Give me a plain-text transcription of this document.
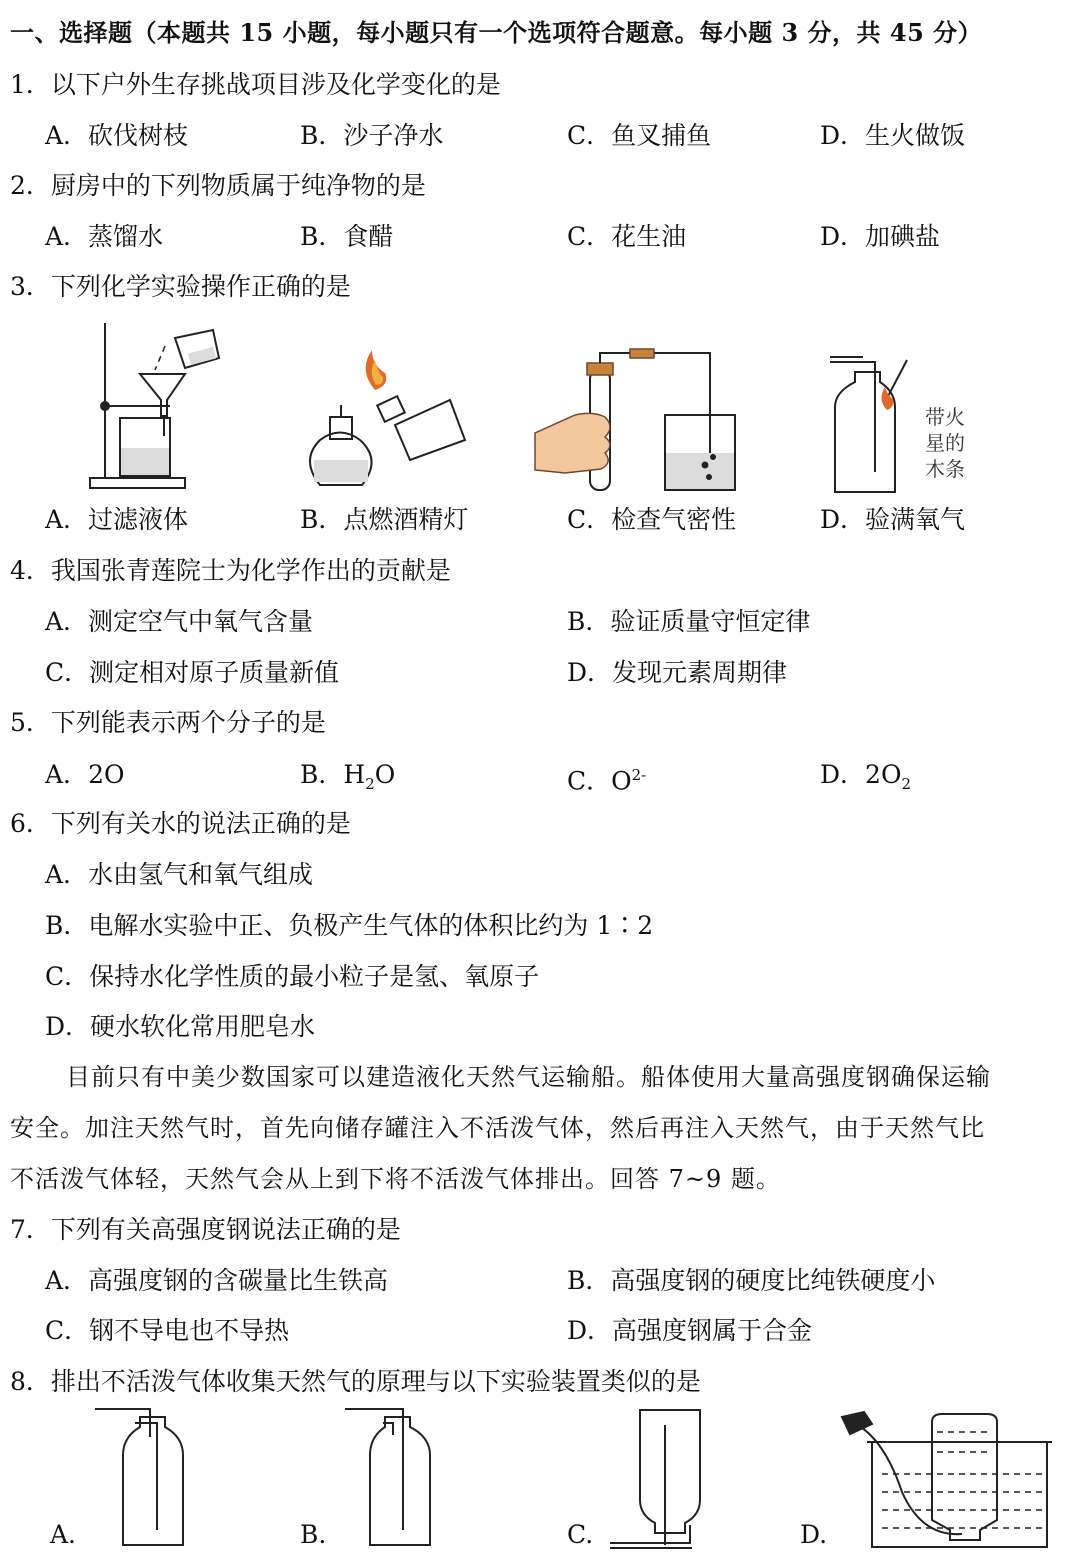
一、选择题（本题共 15 小题，每小题只有一个选项符合题意。每小题 3 分，共 45 分）
1．以下户外生存挑战项目涉及化学变化的是
A．砍伐树枝	B．沙子净水	C．鱼叉捕鱼	D．生火做饭
2．厨房中的下列物质属于纯净物的是
A．蒸馏水	B．食醋	C．花生油	D．加碘盐
3．下列化学实验操作正确的是
带火
星的
木条
A．过滤液体	B．点燃酒精灯	C．检查气密性	D．验满氧气
4．我国张青莲院士为化学作出的贡献是
A．测定空气中氧气含量	B．验证质量守恒定律
C．测定相对原子质量新值	D．发现元素周期律
5．下列能表示两个分子的是
A．2O	B．$H_2O$	C．$O^{2-}$	D．$2O_2$
6．下列有关水的说法正确的是
A．水由氢气和氧气组成
B．电解水实验中正、负极产生气体的体积比约为 1∶2
C．保持水化学性质的最小粒子是氢、氧原子
D．硬水软化常用肥皂水
目前只有中美少数国家可以建造液化天然气运输船。船体使用大量高强度钢确保运输
安全。加注天然气时，首先向储存罐注入不活泼气体，然后再注入天然气，由于天然气比
不活泼气体轻，天然气会从上到下将不活泼气体排出。回答 7~9 题。
7．下列有关高强度钢说法正确的是
A．高强度钢的含碳量比生铁高	B．高强度钢的硬度比纯铁硬度小
C．钢不导电也不导热	D．高强度钢属于合金
8．排出不活泼气体收集天然气的原理与以下实验装置类似的是
A.	B.	C.	D.
